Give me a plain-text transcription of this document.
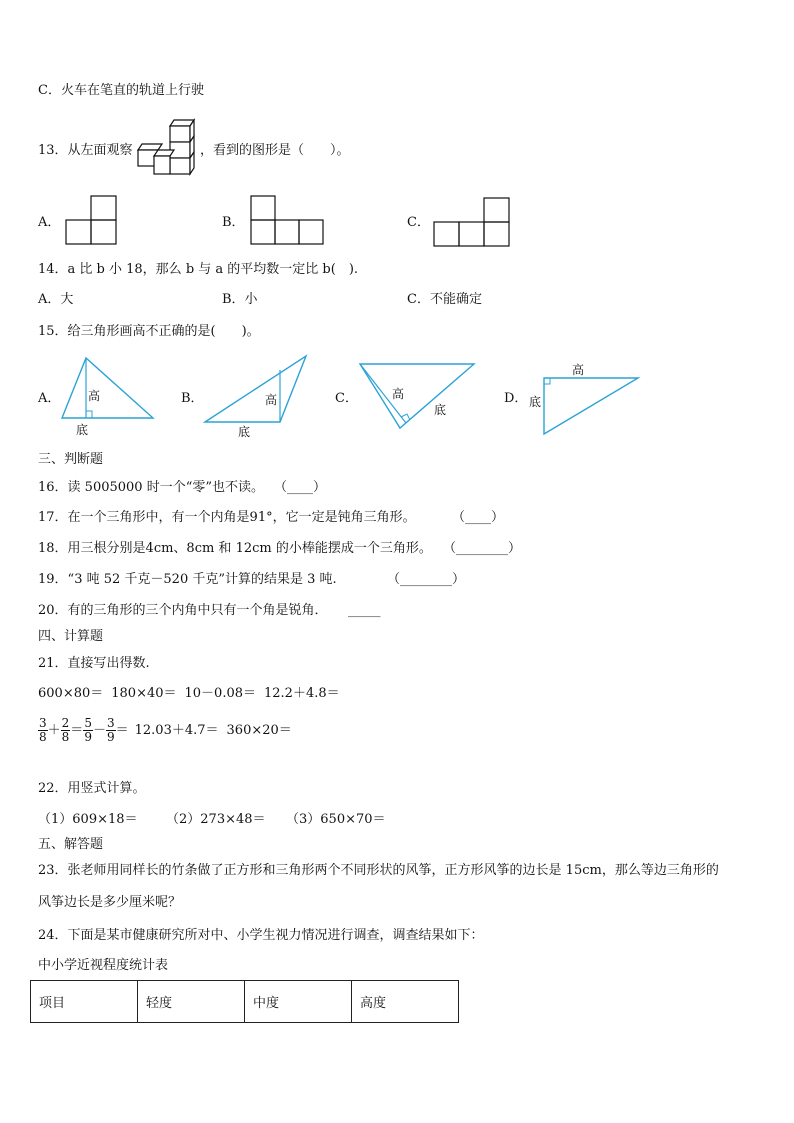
C．火车在笔直的轨道上行驶
13．从左面观察	，看到的图形是（　　）。
A．	B．	C．
14．a 比 b 小 18，那么 b 与 a 的平均数一定比 b(　).
A．大	B．小	C．不能确定
15．给三角形画高不正确的是(　　)。
A． 高
底
B．	高
底
C．	高
底
D．
高
底
三、判断题
16．读 5005000 时一个“零”也不读。 （____）
17．在一个三角形中，有一个内角是91°，它一定是钝角三角形。	（____）
18．用三根分别是4cm、8cm 和 12cm 的小棒能摆成一个三角形。 （________）
19．“3 吨 52 千克－520 千克”计算的结果是 3 吨.	（________）
20．有的三角形的三个内角中只有一个角是锐角． _____
四、计算题
21．直接写出得数.
600×80＝ 180×40＝ 10－0.08＝ 12.2＋4.8＝
$\frac{3}{8} + \frac{2}{8} = \frac{5}{9} - \frac{3}{9} = 12.03+4.7= 360\times 20=$
22．用竖式计算。
（1）609×18＝ （2）273×48＝ （3）650×70＝
五、解答题
23．张老师用同样长的竹条做了正方形和三角形两个不同形状的风筝，正方形风筝的边长是 15cm，那么等边三角形的
风筝边长是多少厘米呢？
24．下面是某市健康研究所对中、小学生视力情况进行调查，调查结果如下：
中小学近视程度统计表
项目	轻度	中度	高度
